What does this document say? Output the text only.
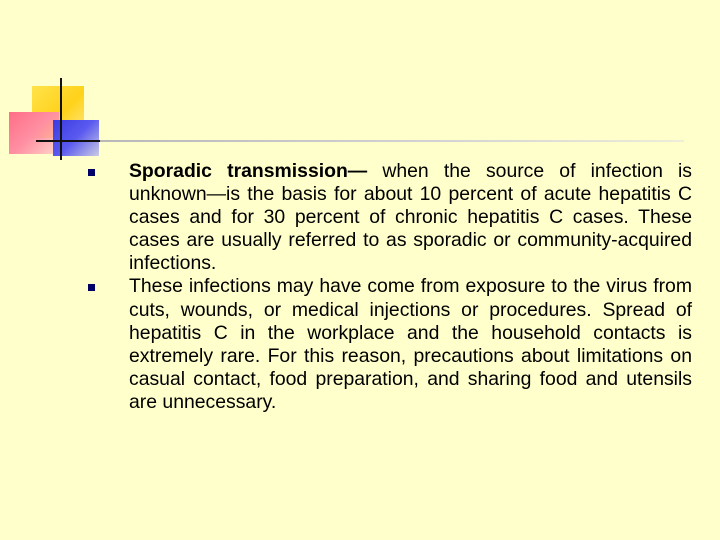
Sporadic transmission— when the source of infection is unknown—is the basis for about 10 percent of acute hepatitis C cases and for 30 percent of chronic hepatitis C cases. These cases are usually referred to as sporadic or community-acquired infections.
These infections may have come from exposure to the virus from cuts, wounds, or medical injections or procedures. Spread of hepatitis C in the workplace and the household contacts is extremely rare. For this reason, precautions about limitations on casual contact, food preparation, and sharing food and utensils are unnecessary.
